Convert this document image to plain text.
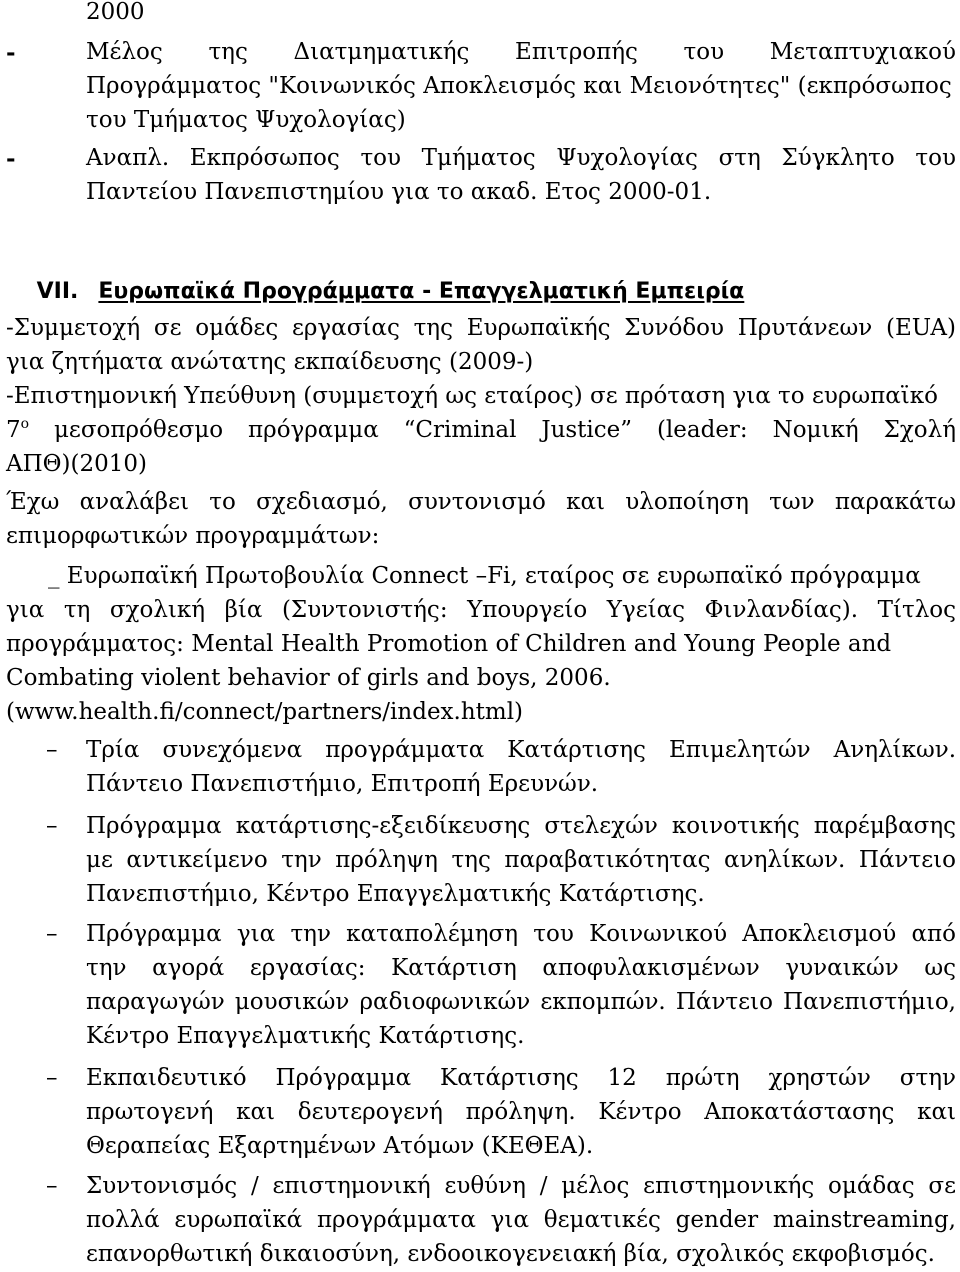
2000
-	Μέλος της Διατμηματικής Επιτροπής του Μεταπτυχιακού
Προγράμματος "Κοινωνικός Αποκλεισμός και Μειονότητες" (εκπρόσωπος
του Τμήματος Ψυχολογίας)
-	Αναπλ. Εκπρόσωπος του Τμήματος Ψυχολογίας στη Σύγκλητο του
Παντείου Πανεπιστημίου για το ακαδ. Ετος 2000-01.

VII. Ευρωπαϊκά Προγράμματα - Επαγγελματική Εμπειρία

-Συμμετοχή σε ομάδες εργασίας της Ευρωπαϊκής Συνόδου Πρυτάνεων (EUA)
για ζητήματα ανώτατης εκπαίδευσης (2009-)
-Επιστημονική Υπεύθυνη (συμμετοχή ως εταίρος) σε πρόταση για το ευρωπαϊκό
$7^o$ μεσοπρόθεσμο πρόγραμμα “Criminal Justice” (leader: Νομική Σχολή
ΑΠΘ)(2010)
Έχω αναλάβει το σχεδιασμό, συντονισμό και υλοποίηση των παρακάτω
επιμορφωτικών προγραμμάτων:
_ Ευρωπαϊκή Πρωτοβουλία Connect –Fi, εταίρος σε ευρωπαϊκό πρόγραμμα
για τη σχολική βία (Συντονιστής: Υπουργείο Υγείας Φινλανδίας). Τίτλος
προγράμματος: Mental Health Promotion of Children and Young People and
Combating violent behavior of girls and boys, 2006.
(www.health.fi/connect/partners/index.html)
– Τρία συνεχόμενα προγράμματα Κατάρτισης Επιμελητών Ανηλίκων.
Πάντειο Πανεπιστήμιο, Επιτροπή Ερευνών.
– Πρόγραμμα κατάρτισης-εξειδίκευσης στελεχών κοινοτικής παρέμβασης
με αντικείμενο την πρόληψη της παραβατικότητας ανηλίκων. Πάντειο
Πανεπιστήμιο, Κέντρο Επαγγελματικής Κατάρτισης.
– Πρόγραμμα για την καταπολέμηση του Κοινωνικού Αποκλεισμού από
την αγορά εργασίας: Κατάρτιση αποφυλακισμένων γυναικών ως
παραγωγών μουσικών ραδιοφωνικών εκπομπών. Πάντειο Πανεπιστήμιο,
Κέντρο Επαγγελματικής Κατάρτισης.
– Εκπαιδευτικό Πρόγραμμα Κατάρτισης 12 πρώτη χρηστών στην
πρωτογενή και δευτερογενή πρόληψη. Κέντρο Αποκατάστασης και
Θεραπείας Εξαρτημένων Ατόμων (ΚΕΘΕΑ).
– Συντονισμός / επιστημονική ευθύνη / μέλος επιστημονικής ομάδας σε
πολλά ευρωπαϊκά προγράμματα για θεματικές gender mainstreaming,
επανορθωτική δικαιοσύνη, ενδοοικογενειακή βία, σχολικός εκφοβισμός.
